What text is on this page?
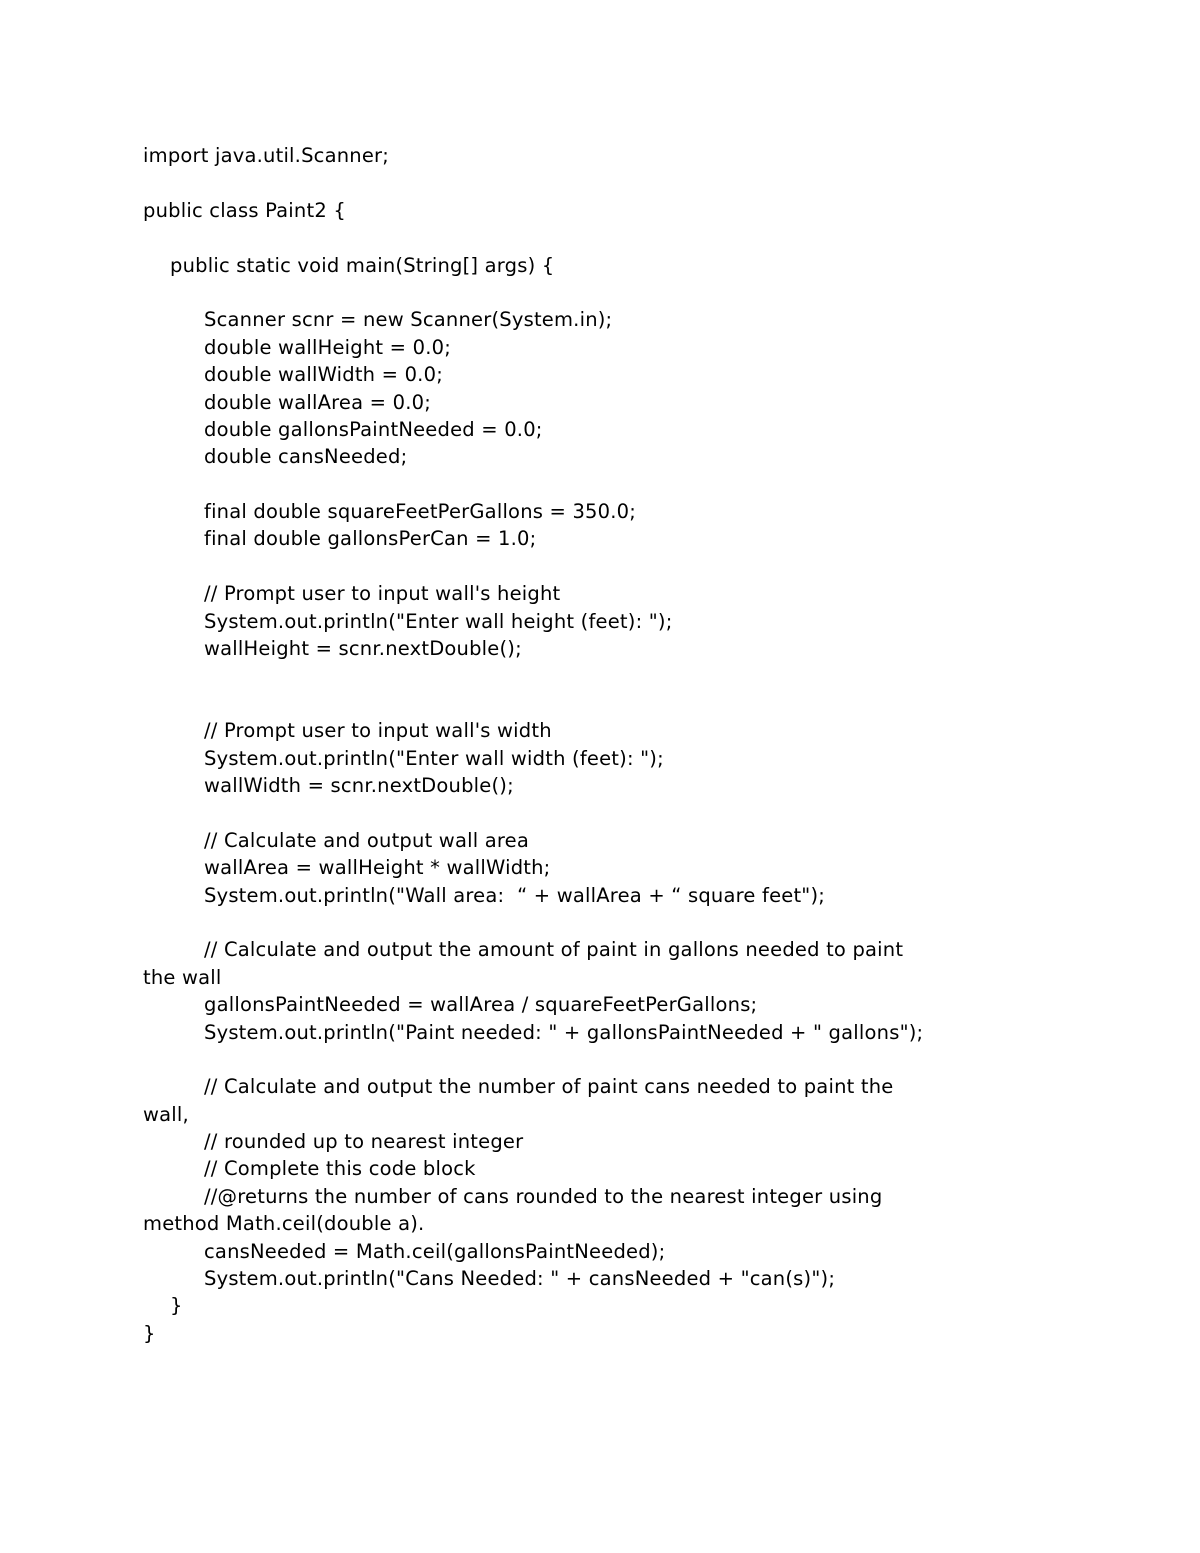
import java.util.Scanner;
public class Paint2 {
public static void main(String[] args) {
Scanner scnr = new Scanner(System.in);
double wallHeight = 0.0;
double wallWidth = 0.0;
double wallArea = 0.0;
double gallonsPaintNeeded = 0.0;
double cansNeeded;
final double squareFeetPerGallons = 350.0;
final double gallonsPerCan = 1.0;
// Prompt user to input wall's height
System.out.println("Enter wall height (feet): ");
wallHeight = scnr.nextDouble();
// Prompt user to input wall's width
System.out.println("Enter wall width (feet): ");
wallWidth = scnr.nextDouble();
// Calculate and output wall area
wallArea = wallHeight * wallWidth;
System.out.println("Wall area:  “ + wallArea + “ square feet");
// Calculate and output the amount of paint in gallons needed to paint
the wall
gallonsPaintNeeded = wallArea / squareFeetPerGallons;
System.out.println("Paint needed: " + gallonsPaintNeeded + " gallons");
// Calculate and output the number of paint cans needed to paint the
wall,
// rounded up to nearest integer
// Complete this code block
//@returns the number of cans rounded to the nearest integer using
method Math.ceil(double a).
cansNeeded = Math.ceil(gallonsPaintNeeded);
System.out.println("Cans Needed: " + cansNeeded + "can(s)");
}
}
